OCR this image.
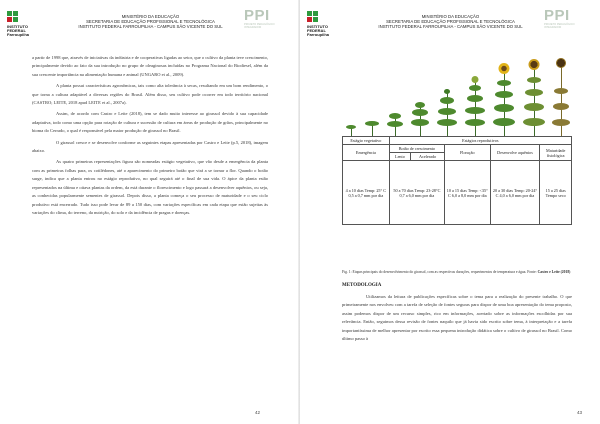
INSTITUTO FEDERAL Farroupilha
MINISTÉRIO DA EDUCAÇÃO
SECRETARIA DE EDUCAÇÃO PROFISSIONAL E TECNOLÓGICA
INSTITUTO FEDERAL FARROUPILHA - CAMPUS SÃO VICENTE DO SUL
PPI
PROJETO PEDAGÓGICO INTEGRADOR

a partir de 1998 que, através de iniciativas da indústria e de cooperativas ligadas ao setor, que o cultivo da planta teve crescimento, principalmente devido ao fato da sua introdução no grupo de oleaginosas incluídas no Programa Nacional do Biodiesel, além da sua crescente importância na alimentação humana e animal (UNGARO et al., 2009).

A planta possui características agronômicas, tais como alta tolerância à secas, resultando em um bom rendimento, o que torna a cultura adaptável a diversas regiões do Brasil. Além disso, seu cultivo pode ocorrer em todo território nacional (CASTRO; LEITE, 2018 apud LEITE et al., 2007a).

Assim, de acordo com Castro e Leite (2018), tem se dado muito interesse ao girassol devido à sua capacidade adaptativa, todo como uma opção para rotação de cultura e sucessão de cultura em áreas de produção de grãos, principalmente no bioma do Cerrado, o qual é responsável pela maior produção de girassol no Brasil.

O girassol cresce e se desenvolve conforme as seguintes etapas apresentadas por Castro e Leite (p.5, 2018), imagem abaixo.

As quatro primeiras representações figura são nomeadas estágio vegetativo, que vão desde a emergência da planta com as primeiras folhas para, os cotilédones, até o aparecimento do primeiro botão que virá a se tornar a flor. Quando o botão surge, indica que a planta entrou no estágio reprodutivo, no qual seguirá até o final de sua vida. O ápice da planta estão representados na última e oitava plantas da ordem, da está durante o florescimento e logo passará a desenvolver aquênios, ou seja, as conhecidas popularmente sementes de girassol. Depois disso, a planta começa o seu processo de maturidade e o seu ciclo produtivo está encerrado. Tudo isso pode levar de 89 a 150 dias, com variações específicas em cada etapa que estão sujeitas às variações do clima, do terreno, da nutrição, do solo e da incidência de pragas e doenças.

42
INSTITUTO FEDERAL Farroupilha
MINISTÉRIO DA EDUCAÇÃO
SECRETARIA DE EDUCAÇÃO PROFISSIONAL E TECNOLÓGICA
INSTITUTO FEDERAL FARROUPILHA - CAMPUS SÃO VICENTE DO SUL
PPI
PROJETO PEDAGÓGICO INTEGRADOR
43
Estágio vegetativo	Estágios reprodutivos				
Emergência	Botão de crescimento		Floração	Desenvolve aquênios	Maturidade fisiológica
	Lento	Acelerado			
4 a 10 dias Temp: 25° C 0,5 a 0,7 mm por dia	50 a 70 dias Temp: 23-28°C 0,7 a 6,0 mm por dia		10 a 15 dias Temp: <35° C 6,0 a 8,0 mm por dia	20 a 30 dias Temp: 20-24° C 4,0 a 6,0 mm por dia	15 a 25 dias Tempo seco
Fig. 1: Etapas principais do desenvolvimento do girassol, com as respectivas durações, requerimentos de temperatura e água. Fonte: Castro e Leite (2018)
METODOLOGIA

Utilizamos da leitura de publicações específicas sobre o tema para a realização do presente trabalho. O que primeiramente nos envolveu com a tarefa de seleção de fontes seguras para dispor de uma boa apresentação do tema proposto, assim podemos dispor de um recurso simples, rico em informações, acertado sobre as informações escolhidas por sua relevância. Então, seguimos dessa revisão de fontes naquilo que já havia sido escrito sobre tema, à interpretação e a tarefa importantíssima de melhor apresentar por escrito essa pequena introdução didática sobre o cultivo de girassol no Brasil. Como último passo à
